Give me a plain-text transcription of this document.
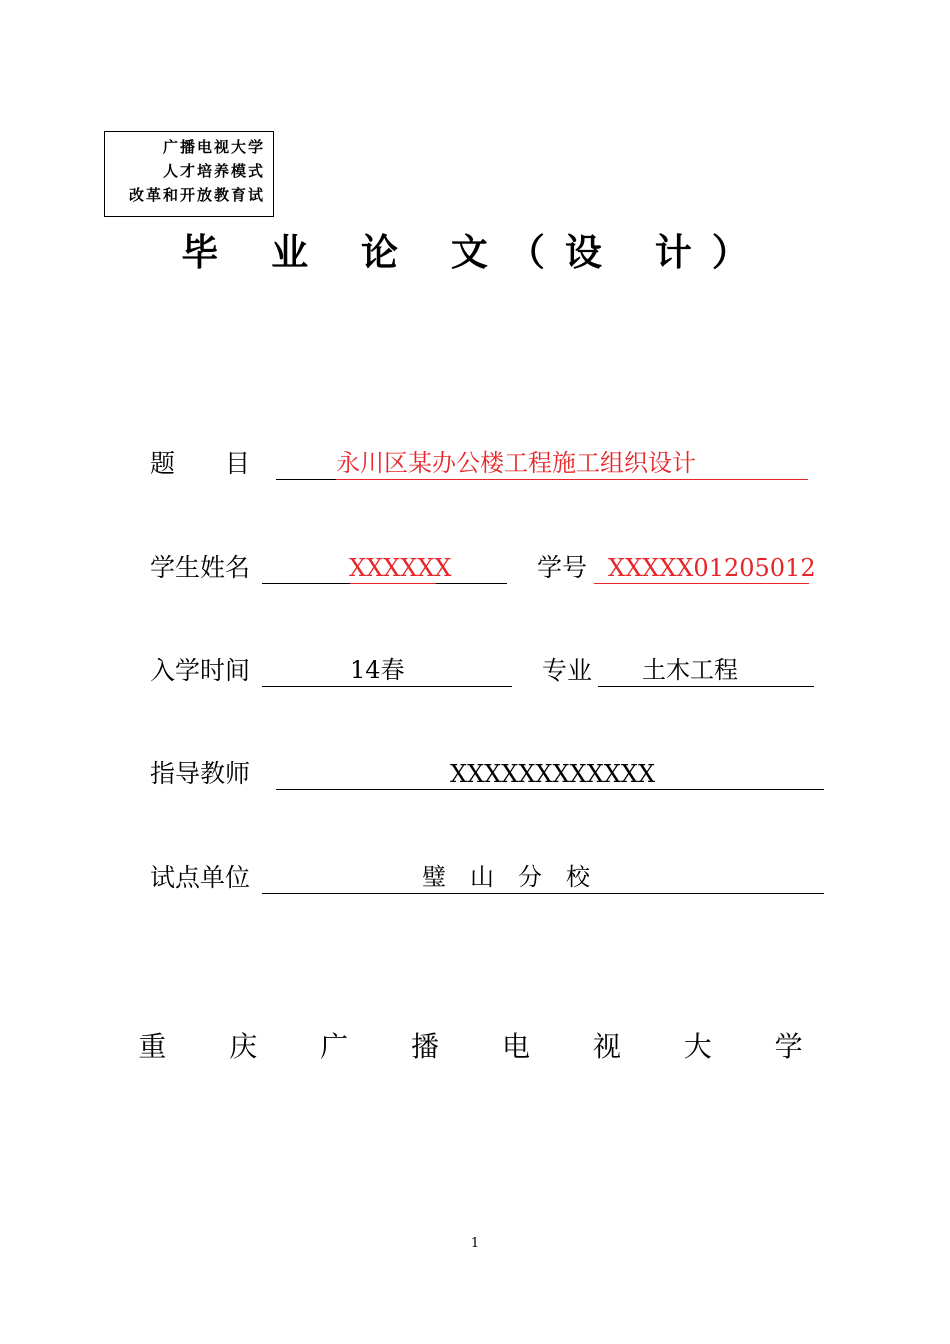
广播电视大学
人才培养模式
改革和开放教育试
毕 业 论 文（设 计）
题　　目	永川区某办公楼工程施工组织设计
学生姓名	XXXXXX	学号 XXXXX01205012
入学时间	14春	专业 土木工程
指导教师	XXXXXXXXXXXX
试点单位	璧　山　分　校
重 庆 广 播 电 视 大 学
1
